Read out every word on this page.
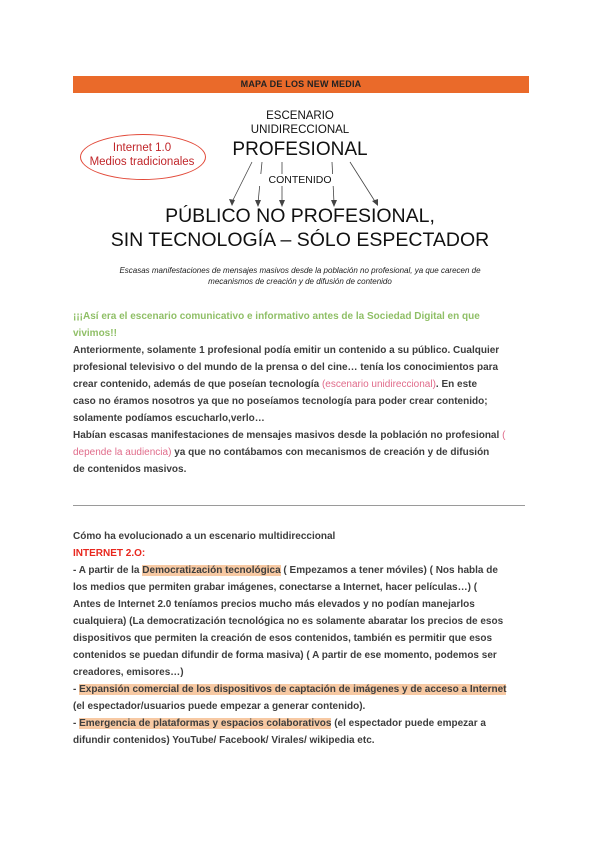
MAPA DE LOS NEW MEDIA
Internet 1.0
Medios tradicionales
ESCENARIO
UNIDIRECCIONAL
PROFESIONAL
CONTENIDO
PÚBLICO NO PROFESIONAL,
SIN TECNOLOGÍA – SÓLO ESPECTADOR
Escasas manifestaciones de mensajes masivos desde la población no profesional, ya que carecen de
mecanismos de creación y de difusión de contenido
¡¡¡Así era el escenario comunicativo e informativo antes de la Sociedad Digital en que
vivimos!!
Anteriormente, solamente 1 profesional podía emitir un contenido a su público. Cualquier
profesional televisivo o del mundo de la prensa o del cine… tenía los conocimientos para
crear contenido, además de que poseían tecnología (escenario unidireccional). En este
caso no éramos nosotros ya que no poseíamos tecnología para poder crear contenido;
solamente podíamos escucharlo,verlo…
Habían escasas manifestaciones de mensajes masivos desde la población no profesional (
depende la audiencia) ya que no contábamos con mecanismos de creación y de difusión
de contenidos masivos.
Cómo ha evolucionado a un escenario multidireccional
INTERNET 2.O:
- A partir de la Democratización tecnológica ( Empezamos a tener móviles) ( Nos habla de
los medios que permiten grabar imágenes, conectarse a Internet, hacer películas…) (
Antes de Internet 2.0 teníamos precios mucho más elevados y no podían manejarlos
cualquiera) (La democratización tecnológica no es solamente abaratar los precios de esos
dispositivos que permiten la creación de esos contenidos, también es permitir que esos
contenidos se puedan difundir de forma masiva) ( A partir de ese momento, podemos ser
creadores, emisores…)
- Expansión comercial de los dispositivos de captación de imágenes y de acceso a Internet
(el espectador/usuarios puede empezar a generar contenido).
- Emergencia de plataformas y espacios colaborativos (el espectador puede empezar a
difundir contenidos) YouTube/ Facebook/ Virales/ wikipedia etc.
